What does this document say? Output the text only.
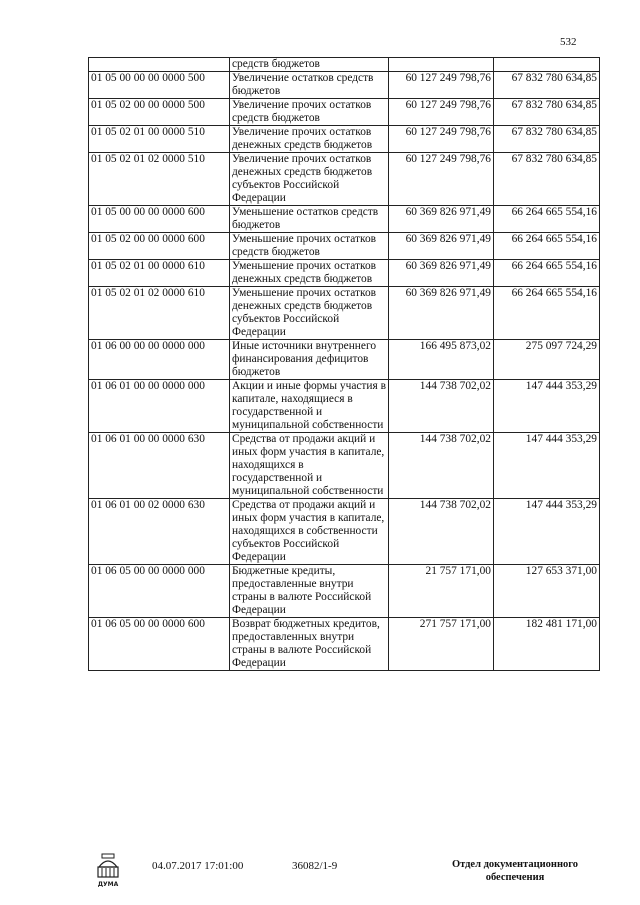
532
	средств бюджетов		
01 05 00 00 00 0000 500	Увеличение остатков средств бюджетов	60 127 249 798,76	67 832 780 634,85
01 05 02 00 00 0000 500	Увеличение прочих остатков средств бюджетов	60 127 249 798,76	67 832 780 634,85
01 05 02 01 00 0000 510	Увеличение прочих остатков денежных средств бюджетов	60 127 249 798,76	67 832 780 634,85
01 05 02 01 02 0000 510	Увеличение прочих остатков денежных средств бюджетов субъектов Российской Федерации	60 127 249 798,76	67 832 780 634,85
01 05 00 00 00 0000 600	Уменьшение остатков средств бюджетов	60 369 826 971,49	66 264 665 554,16
01 05 02 00 00 0000 600	Уменьшение прочих остатков средств бюджетов	60 369 826 971,49	66 264 665 554,16
01 05 02 01 00 0000 610	Уменьшение прочих остатков денежных средств бюджетов	60 369 826 971,49	66 264 665 554,16
01 05 02 01 02 0000 610	Уменьшение прочих остатков денежных средств бюджетов субъектов Российской Федерации	60 369 826 971,49	66 264 665 554,16
01 06 00 00 00 0000 000	Иные источники внутреннего финансирования дефицитов бюджетов	166 495 873,02	275 097 724,29
01 06 01 00 00 0000 000	Акции и иные формы участия в капитале, находящиеся в государственной и муниципальной собственности	144 738 702,02	147 444 353,29
01 06 01 00 00 0000 630	Средства от продажи акций и иных форм участия в капитале, находящихся в государственной и муниципальной собственности	144 738 702,02	147 444 353,29
01 06 01 00 02 0000 630	Средства от продажи акций и иных форм участия в капитале, находящихся в собственности субъектов Российской Федерации	144 738 702,02	147 444 353,29
01 06 05 00 00 0000 000	Бюджетные кредиты, предоставленные внутри страны в валюте Российской Федерации	21 757 171,00	127 653 371,00
01 06 05 00 00 0000 600	Возврат бюджетных кредитов, предоставленных внутри страны в валюте Российской Федерации	271 757 171,00	182 481 171,00
ДУМА
04.07.2017 17:01:00	36082/1-9	Отдел документационного обеспечения
